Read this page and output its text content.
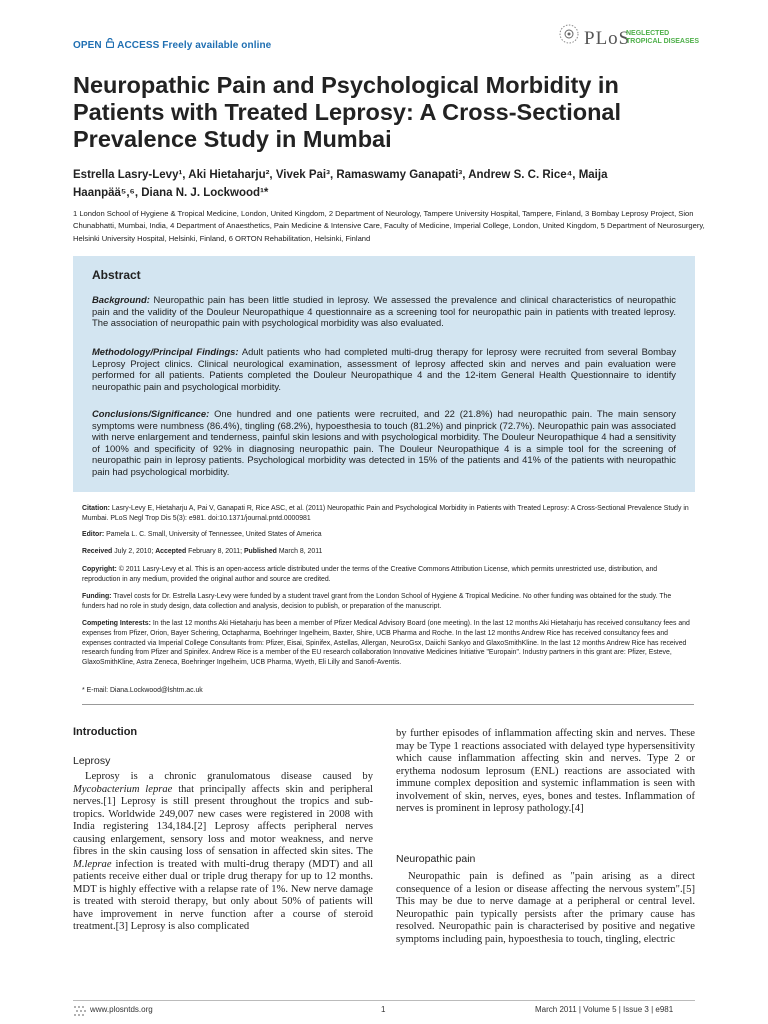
OPEN ACCESS Freely available online	PLoS
NEGLECTED
TROPICAL DISEASES
Neuropathic Pain and Psychological Morbidity in Patients with Treated Leprosy: A Cross-Sectional Prevalence Study in Mumbai
Estrella Lasry-Levy¹, Aki Hietaharju², Vivek Pai³, Ramaswamy Ganapati³, Andrew S. C. Rice⁴, Maija
Haanpää⁵,⁶, Diana N. J. Lockwood¹*
1 London School of Hygiene & Tropical Medicine, London, United Kingdom, 2 Department of Neurology, Tampere University Hospital, Tampere, Finland, 3 Bombay Leprosy Project, Sion Chunabhatti, Mumbai, India, 4 Department of Anaesthetics, Pain Medicine & Intensive Care, Faculty of Medicine, Imperial College, London, United Kingdom, 5 Department of Neurosurgery, Helsinki University Hospital, Helsinki, Finland, 6 ORTON Rehabilitation, Helsinki, Finland
Abstract
Background: Neuropathic pain has been little studied in leprosy. We assessed the prevalence and clinical characteristics of neuropathic pain and the validity of the Douleur Neuropathique 4 questionnaire as a screening tool for neuropathic pain in patients with treated leprosy. The association of neuropathic pain with psychological morbidity was also evaluated.
Methodology/Principal Findings: Adult patients who had completed multi-drug therapy for leprosy were recruited from several Bombay Leprosy Project clinics. Clinical neurological examination, assessment of leprosy affected skin and nerves and pain evaluation were performed for all patients. Patients completed the Douleur Neuropathique 4 and the 12-item General Health Questionnaire to identify neuropathic pain and psychological morbidity.
Conclusions/Significance: One hundred and one patients were recruited, and 22 (21.8%) had neuropathic pain. The main sensory symptoms were numbness (86.4%), tingling (68.2%), hypoesthesia to touch (81.2%) and pinprick (72.7%). Neuropathic pain was associated with nerve enlargement and tenderness, painful skin lesions and with psychological morbidity. The Douleur Neuropathique 4 had a sensitivity of 100% and specificity of 92% in diagnosing neuropathic pain. The Douleur Neuropathique 4 is a simple tool for the screening of neuropathic pain in leprosy patients. Psychological morbidity was detected in 15% of the patients and 41% of the patients with neuropathic pain had psychological morbidity.
Citation: Lasry-Levy E, Hietaharju A, Pai V, Ganapati R, Rice ASC, et al. (2011) Neuropathic Pain and Psychological Morbidity in Patients with Treated Leprosy: A Cross-Sectional Prevalence Study in Mumbai. PLoS Negl Trop Dis 5(3): e981. doi:10.1371/journal.pntd.0000981
Editor: Pamela L. C. Small, University of Tennessee, United States of America
Received July 2, 2010; Accepted February 8, 2011; Published March 8, 2011
Copyright: © 2011 Lasry-Levy et al. This is an open-access article distributed under the terms of the Creative Commons Attribution License, which permits unrestricted use, distribution, and reproduction in any medium, provided the original author and source are credited.
Funding: Travel costs for Dr. Estrella Lasry-Levy were funded by a student travel grant from the London School of Hygiene & Tropical Medicine. No other funding was obtained for the study. The funders had no role in study design, data collection and analysis, decision to publish, or preparation of the manuscript.
Competing Interests: In the last 12 months Aki Hietaharju has been a member of Pfizer Medical Advisory Board (one meeting). In the last 12 months Aki Hietaharju has received consultancy fees and expenses from Pfizer, Orion, Bayer Schering, Octapharma, Boehringer Ingelheim, Baxter, Shire, UCB Pharma and Roche. In the last 12 months Andrew Rice has received consultancy fees and expenses contracted via Imperial College Consultants from: Pfizer, Eisai, Spinifex, Astellas, Allergan, NeuroGsx, Daiichi Sankyo and GlaxoSmithKline. In the last 12 months Andrew Rice has received research funding from Pfizer and Spinifex. Andrew Rice is a member of the EU research collaboration Innovative Medicines Initiative "Europain". Industry partners in this grant are: Pfizer, Esteve, GlaxoSmithKline, Astra Zeneca, Boehringer Ingelheim, UCB Pharma, Wyeth, Eli Lilly and Sanofi-Aventis.
* E-mail: Diana.Lockwood@lshtm.ac.uk
Introduction
Leprosy
Leprosy is a chronic granulomatous disease caused by Mycobacterium leprae that principally affects skin and peripheral nerves.[1] Leprosy is still present throughout the tropics and sub-tropics. Worldwide 249,007 new cases were registered in 2008 with India registering 134,184.[2] Leprosy affects peripheral nerves causing enlargement, sensory loss and motor weakness, and nerve fibres in the skin causing loss of sensation in affected skin sites. The M.leprae infection is treated with multi-drug therapy (MDT) and all patients receive either dual or triple drug therapy for up to 12 months. MDT is highly effective with a relapse rate of 1%. New nerve damage is treated with steroid therapy, but only about 50% of patients will have improvement in nerve function after a course of steroid treatment.[3] Leprosy is also complicated
by further episodes of inflammation affecting skin and nerves. These may be Type 1 reactions associated with delayed type hypersensitivity which cause inflammation affecting skin and nerves. Type 2 or erythema nodosum leprosum (ENL) reactions are associated with immune complex deposition and systemic inflammation is seen with involvement of skin, nerves, eyes, bones and testes. Inflammation of nerves is prominent in leprosy pathology.[4]
Neuropathic pain
Neuropathic pain is defined as "pain arising as a direct consequence of a lesion or disease affecting the nervous system".[5] This may be due to nerve damage at a peripheral or central level. Neuropathic pain typically persists after the primary cause has resolved. Neuropathic pain is characterised by positive and negative symptoms including pain, hypoesthesia to touch, tingling, electric
www.plosntds.org	1	March 2011 | Volume 5 | Issue 3 | e981
